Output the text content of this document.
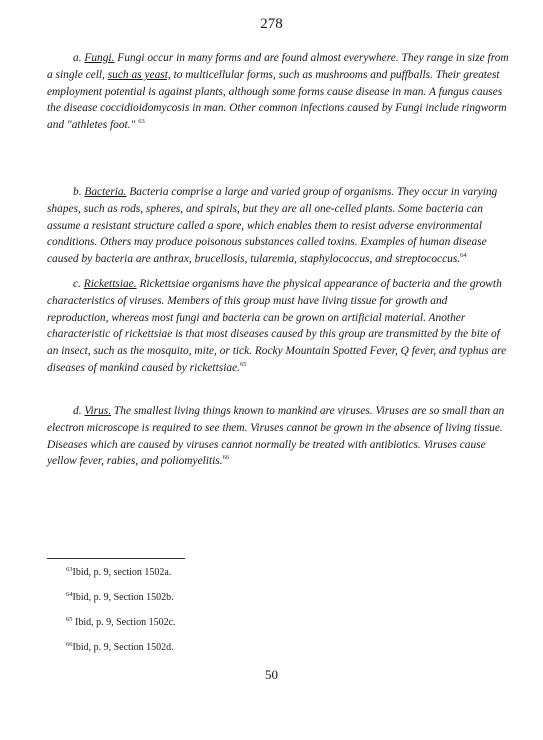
278

a. Fungi. Fungi occur in many forms and are found almost everywhere. They range in size from a single cell, such as yeast, to multicellular forms, such as mushrooms and puffballs. Their greatest employment potential is against plants, although some forms cause disease in man. A fungus causes the disease coccidioidomycosis in man. Other common infections caused by Fungi include ringworm and "athletes foot." $^{63}$

b. Bacteria. Bacteria comprise a large and varied group of organisms. They occur in varying shapes, such as rods, spheres, and spirals, but they are all one-celled plants. Some bacteria can assume a resistant structure called a spore, which enables them to resist adverse environmental conditions. Others may produce poisonous substances called toxins. Examples of human disease caused by bacteria are anthrax, brucellosis, tularemia, staphylococcus, and streptococcus.$^{64}$

c. Rickettsiae. Rickettsiae organisms have the physical appearance of bacteria and the growth characteristics of viruses. Members of this group must have living tissue for growth and reproduction, whereas most fungi and bacteria can be grown on artificial material. Another characteristic of rickettsiae is that most diseases caused by this group are transmitted by the bite of an insect, such as the mosquito, mite, or tick. Rocky Mountain Spotted Fever, Q fever, and typhus are diseases of mankind caused by rickettsiae.$^{65}$

d. Virus. The smallest living things known to mankind are viruses. Viruses are so small than an electron microscope is required to see them. Viruses cannot be grown in the absence of living tissue. Diseases which are caused by viruses cannot normally be treated with antibiotics. Viruses cause yellow fever, rabies, and poliomyelitis.$^{66}$

$^{63}$Ibid, p. 9, section 1502a.

$^{64}$Ibid, p. 9, Section 1502b.

$^{65}$ Ibid, p. 9, Section 1502c.

$^{66}$Ibid, p. 9, Section 1502d.

50
